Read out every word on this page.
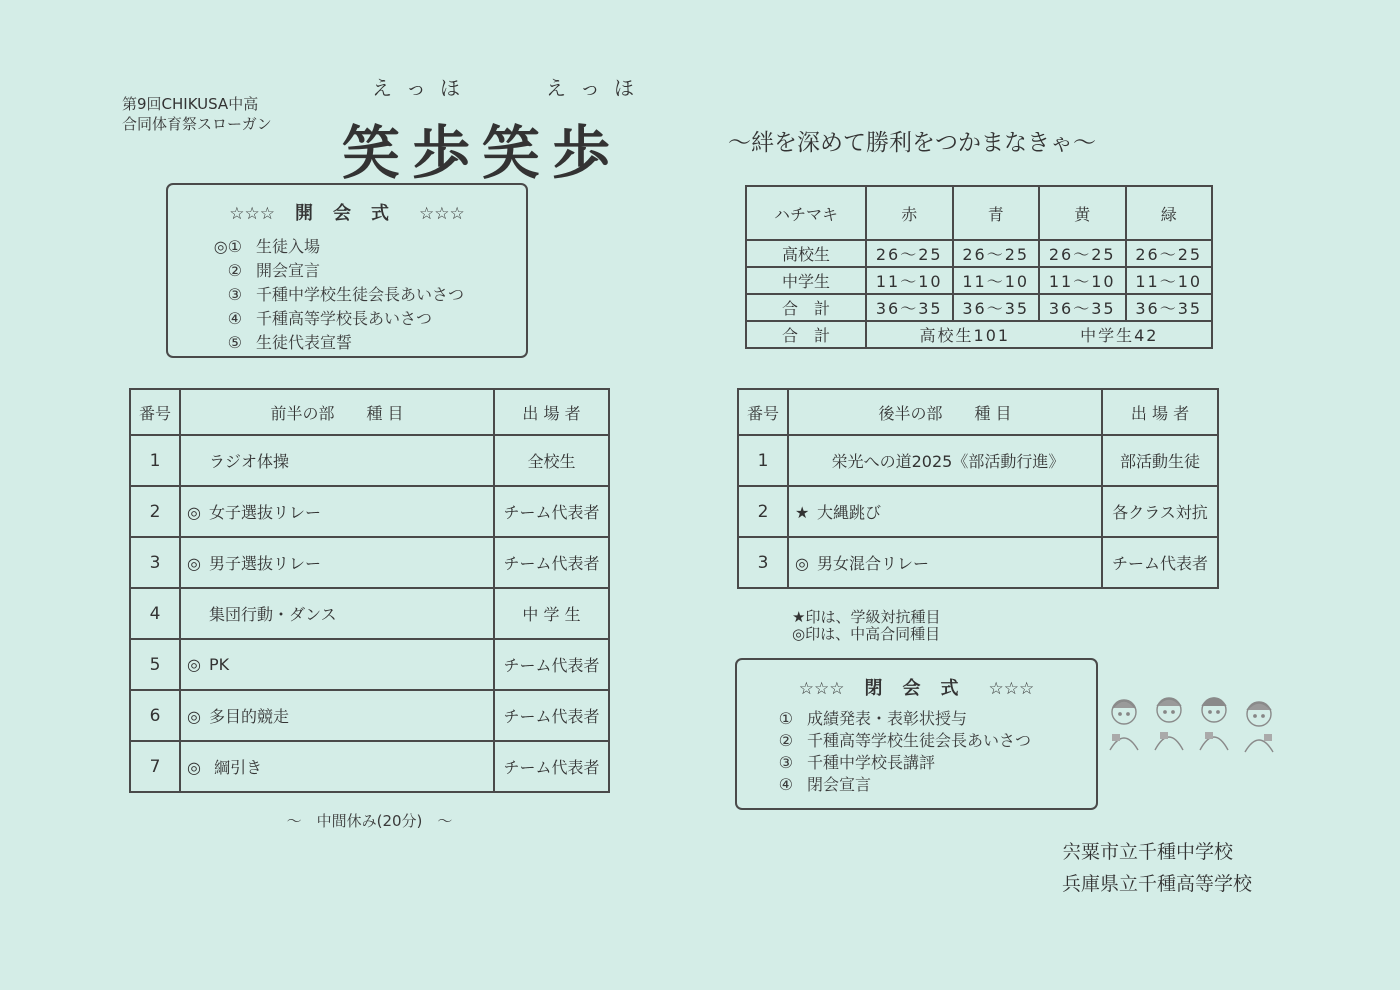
第9回CHIKUSA中高
合同体育祭スローガン
えっほ	えっほ
笑歩笑歩	～絆を深めて勝利をつかまなきゃ～
☆☆☆ 開会式 ☆☆☆
◎① 生徒入場
② 開会宣言
③ 千種中学校生徒会長あいさつ
④ 千種高等学校長あいさつ
⑤ 生徒代表宣誓
ハチマキ	赤	青	黄	緑
高校生	26～25	26～25	26～25	26～25
中学生	11～10	11～10	11～10	11～10
合　計	36～35	36～35	36～35	36～35
合　計	高校生101 中学生42			
番号	前半の部　　種 目	出 場 者
1	ラジオ体操	全校生
2	◎ 女子選抜リレー	チーム代表者
3	◎ 男子選抜リレー	チーム代表者
4	集団行動・ダンス	中 学 生
5	◎ PK	チーム代表者
6	◎ 多目的競走	チーム代表者
7	◎ 綱引き	チーム代表者
～　中間休み(20分)　～
番号	後半の部　　種 目	出 場 者
1	栄光への道2025《部活動行進》	部活動生徒
2	★ 大縄跳び	各クラス対抗
3	◎ 男女混合リレー	チーム代表者
★印は、学級対抗種目
◎印は、中高合同種目
☆☆☆ 閉会式 ☆☆☆
① 成績発表・表彰状授与
② 千種高等学校生徒会長あいさつ
③ 千種中学校長講評
④ 閉会宣言
宍粟市立千種中学校
兵庫県立千種高等学校
